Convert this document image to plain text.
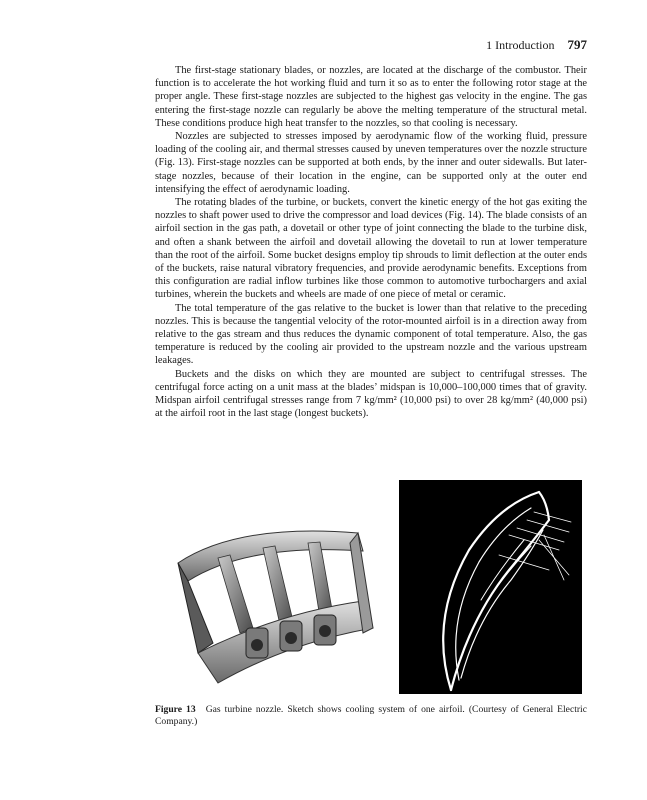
1 Introduction 797

The first-stage stationary blades, or nozzles, are located at the discharge of the combustor. Their function is to accelerate the hot working fluid and turn it so as to enter the following rotor stage at the proper angle. These first-stage nozzles are subjected to the highest gas velocity in the engine. The gas entering the first-stage nozzle can regularly be above the melting temperature of the structural metal. These conditions produce high heat transfer to the nozzles, so that cooling is necessary.

Nozzles are subjected to stresses imposed by aerodynamic flow of the working fluid, pressure loading of the cooling air, and thermal stresses caused by uneven temperatures over the nozzle structure (Fig. 13). First-stage nozzles can be supported at both ends, by the inner and outer sidewalls. But later-stage nozzles, because of their location in the engine, can be supported only at the outer end intensifying the effect of aerodynamic loading.

The rotating blades of the turbine, or buckets, convert the kinetic energy of the hot gas exiting the nozzles to shaft power used to drive the compressor and load devices (Fig. 14). The blade consists of an airfoil section in the gas path, a dovetail or other type of joint connecting the blade to the turbine disk, and often a shank between the airfoil and dovetail allowing the dovetail to run at lower temperature than the root of the airfoil. Some bucket designs employ tip shrouds to limit deflection at the outer ends of the buckets, raise natural vibratory frequencies, and provide aerodynamic benefits. Exceptions from this configuration are radial inflow turbines like those common to automotive turbochargers and axial turbines, wherein the buckets and wheels are made of one piece of metal or ceramic.

The total temperature of the gas relative to the bucket is lower than that relative to the preceding nozzles. This is because the tangential velocity of the rotor-mounted airfoil is in a direction away from relative to the gas stream and thus reduces the dynamic component of total temperature. Also, the gas temperature is reduced by the cooling air provided to the upstream nozzle and the various upstream leakages.

Buckets and the disks on which they are mounted are subject to centrifugal stresses. The centrifugal force acting on a unit mass at the blades’ midspan is 10,000–100,000 times that of gravity. Midspan airfoil centrifugal stresses range from 7 kg/mm² (10,000 psi) to over 28 kg/mm² (40,000 psi) at the airfoil root in the last stage (longest buckets).

Figure 13 Gas turbine nozzle. Sketch shows cooling system of one airfoil. (Courtesy of General Electric Company.)
